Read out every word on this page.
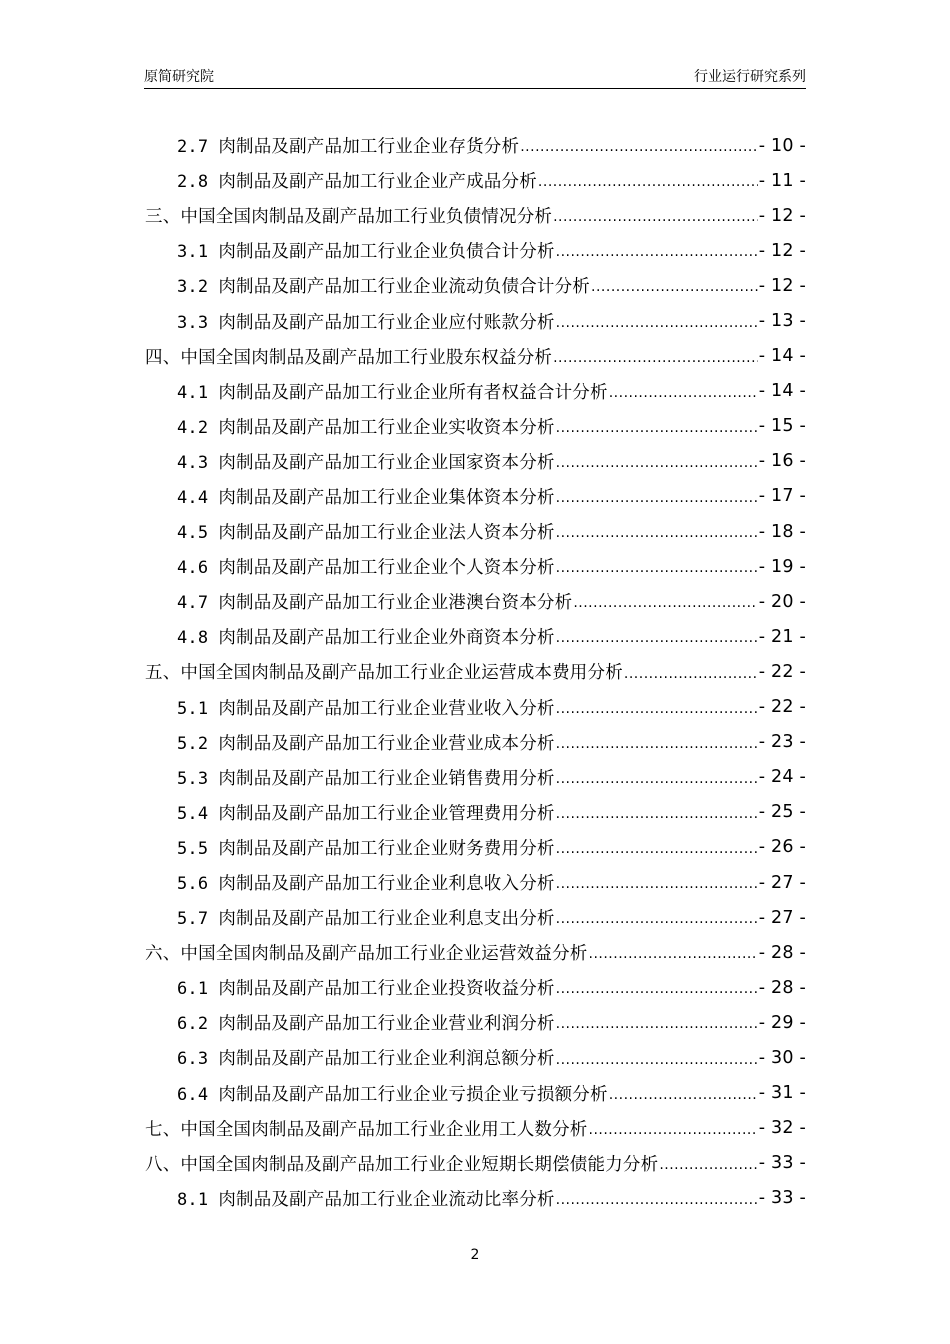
原简研究院	行业运行研究系列
2.7 肉制品及副产品加工行业企业存货分析 .....	- 10 -
2.8 肉制品及副产品加工行业企业产成品分析 .....	- 11 -
三、中国全国肉制品及副产品加工行业负债情况分析 .....	- 12 -
3.1 肉制品及副产品加工行业企业负债合计分析 .....	- 12 -
3.2 肉制品及副产品加工行业企业流动负债合计分析 .....	- 12 -
3.3 肉制品及副产品加工行业企业应付账款分析 .....	- 13 -
四、中国全国肉制品及副产品加工行业股东权益分析 .....	- 14 -
4.1 肉制品及副产品加工行业企业所有者权益合计分析 .....	- 14 -
4.2 肉制品及副产品加工行业企业实收资本分析 .....	- 15 -
4.3 肉制品及副产品加工行业企业国家资本分析 .....	- 16 -
4.4 肉制品及副产品加工行业企业集体资本分析 .....	- 17 -
4.5 肉制品及副产品加工行业企业法人资本分析 .....	- 18 -
4.6 肉制品及副产品加工行业企业个人资本分析 .....	- 19 -
4.7 肉制品及副产品加工行业企业港澳台资本分析 .....	- 20 -
4.8 肉制品及副产品加工行业企业外商资本分析 .....	- 21 -
五、中国全国肉制品及副产品加工行业企业运营成本费用分析 .....	- 22 -
5.1 肉制品及副产品加工行业企业营业收入分析 .....	- 22 -
5.2 肉制品及副产品加工行业企业营业成本分析 .....	- 23 -
5.3 肉制品及副产品加工行业企业销售费用分析 .....	- 24 -
5.4 肉制品及副产品加工行业企业管理费用分析 .....	- 25 -
5.5 肉制品及副产品加工行业企业财务费用分析 .....	- 26 -
5.6 肉制品及副产品加工行业企业利息收入分析 .....	- 27 -
5.7 肉制品及副产品加工行业企业利息支出分析 .....	- 27 -
六、中国全国肉制品及副产品加工行业企业运营效益分析 .....	- 28 -
6.1 肉制品及副产品加工行业企业投资收益分析 .....	- 28 -
6.2 肉制品及副产品加工行业企业营业利润分析 .....	- 29 -
6.3 肉制品及副产品加工行业企业利润总额分析 .....	- 30 -
6.4 肉制品及副产品加工行业企业亏损企业亏损额分析 .....	- 31 -
七、中国全国肉制品及副产品加工行业企业用工人数分析 .....	- 32 -
八、中国全国肉制品及副产品加工行业企业短期长期偿债能力分析 .....	- 33 -
8.1 肉制品及副产品加工行业企业流动比率分析 .....	- 33 -
2
